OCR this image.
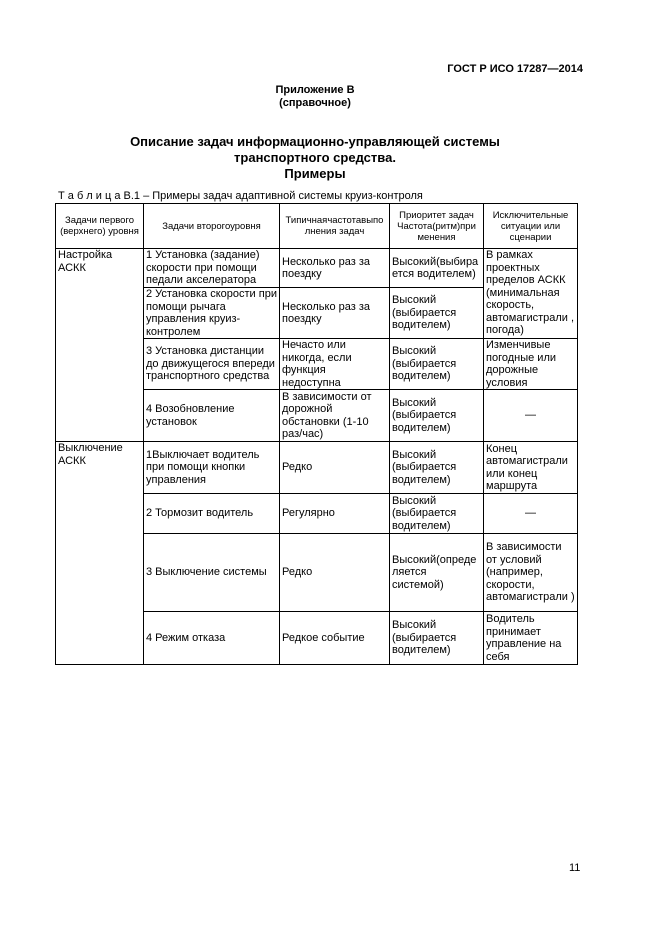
ГОСТ Р ИСО 17287—2014
Приложение В
(справочное)
Описание задач информационно-управляющей системы
транспортного средства.
Примеры
Т а б л и ц а В.1 – Примеры задач адаптивной системы круиз-контроля
Задачи первого (верхнего) уровня	Задачи второгоуровня	Типичнаячастотавыпо лнения задач	Приоритет задач Частота(ритм)при менения	Исключительные ситуации или сценарии
Настройка АСКК	1 Установка (задание) скорости при помощи педали акселератора	Несколько раз за поездку	Высокий(выбира ется водителем)	В рамках проектных пределов АСКК (минимальная скорость, автомагистрали , погода)
	2 Установка скорости при помощи рычага управления круиз-контролем	Несколько раз за поездку	Высокий (выбирается водителем)	
	3 Установка дистанции до движущегося впереди транспортного средства	Нечасто или никогда, если функция недоступна	Высокий (выбирается водителем)	Изменчивые погодные или дорожные условия
	4 Возобновление установок	В зависимости от дорожной обстановки (1-10 раз/час)	Высокий (выбирается водителем)	—
Выключение АСКК	1Выключает водитель при помощи кнопки управления	Редко	Высокий (выбирается водителем)	Конец автомагистрали или конец маршрута
	2 Тормозит водитель	Регулярно	Высокий (выбирается водителем)	—
	3 Выключение системы	Редко	Высокий(опреде ляется системой)	В зависимости от условий (например, скорости, автомагистрали )
	4 Режим отказа	Редкое событие	Высокий (выбирается водителем)	Водитель принимает управление на себя
11
